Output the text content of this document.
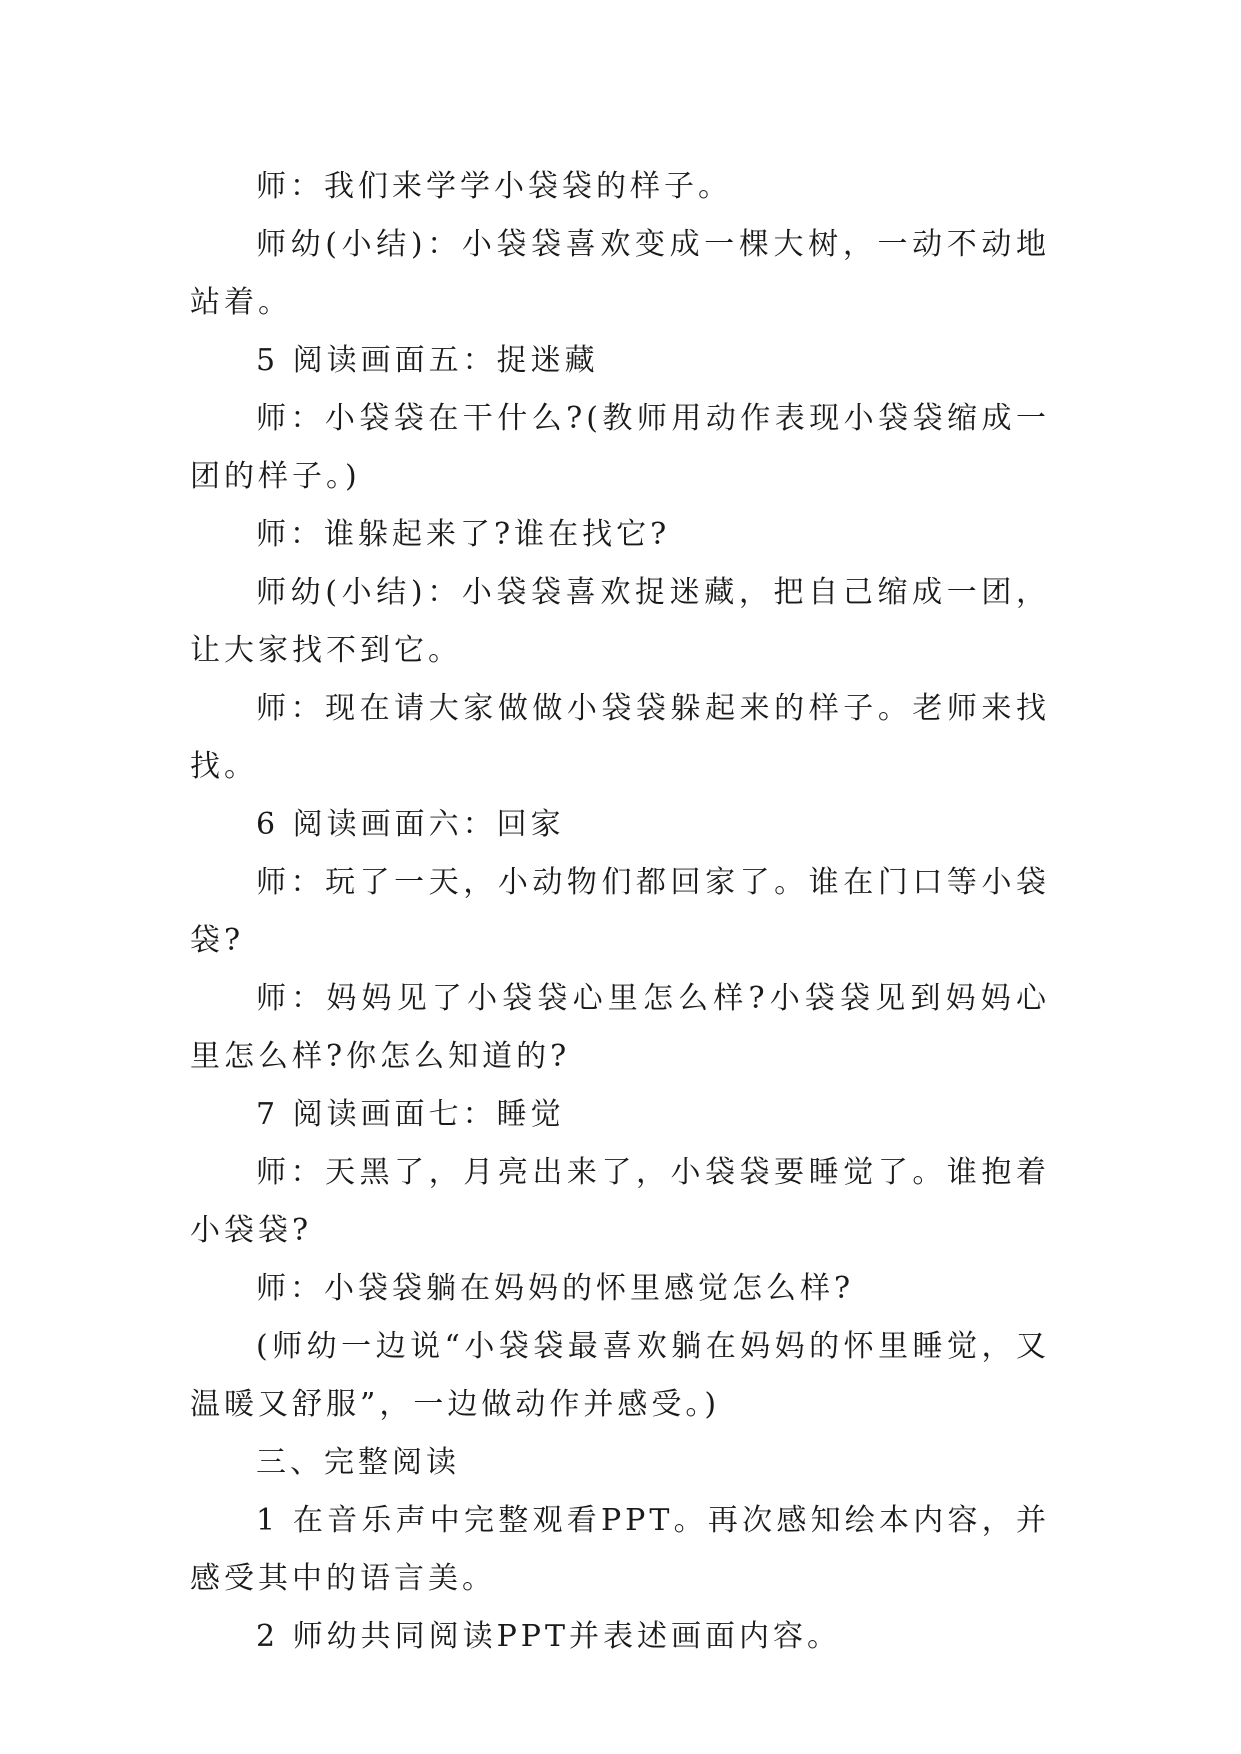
师：我们来学学小袋袋的样子。

师幼(小结)：小袋袋喜欢变成一棵大树，一动不动地站着。

5 阅读画面五：捉迷藏

师：小袋袋在干什么?(教师用动作表现小袋袋缩成一团的样子。)

师：谁躲起来了?谁在找它?

师幼(小结)：小袋袋喜欢捉迷藏，把自己缩成一团，让大家找不到它。

师：现在请大家做做小袋袋躲起来的样子。老师来找找。

6 阅读画面六：回家

师：玩了一天，小动物们都回家了。谁在门口等小袋袋?

师：妈妈见了小袋袋心里怎么样?小袋袋见到妈妈心里怎么样?你怎么知道的?

7 阅读画面七：睡觉

师：天黑了，月亮出来了，小袋袋要睡觉了。谁抱着小袋袋?

师：小袋袋躺在妈妈的怀里感觉怎么样?

(师幼一边说“小袋袋最喜欢躺在妈妈的怀里睡觉，又温暖又舒服”，一边做动作并感受。)

三、完整阅读

1 在音乐声中完整观看PPT。再次感知绘本内容，并感受其中的语言美。

2 师幼共同阅读PPT并表述画面内容。
